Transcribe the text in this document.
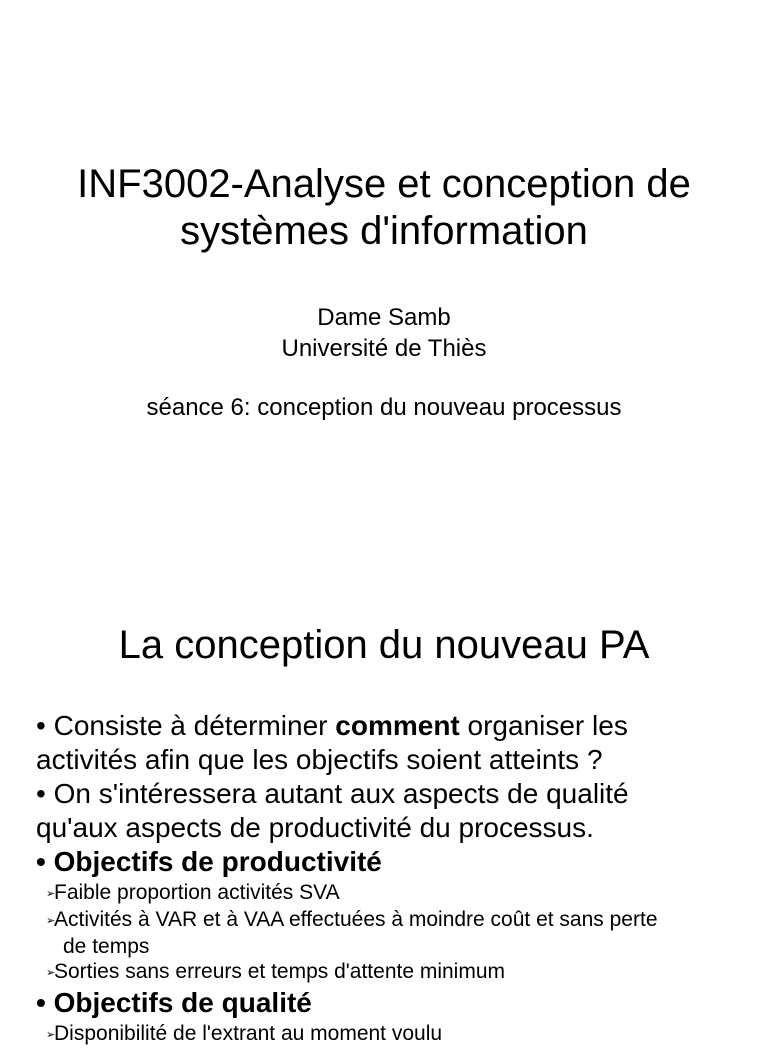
INF3002-Analyse et conception de
systèmes d'information
Dame Samb
Université de Thiès
séance 6: conception du nouveau processus
La conception du nouveau PA
• Consiste à déterminer comment organiser les
activités afin que les objectifs soient atteints ?
• On s'intéressera autant aux aspects de qualité
qu'aux aspects de productivité du processus.
• Objectifs de productivité
➢Faible proportion activités SVA
➢Activités à VAR et à VAA effectuées à moindre coût et sans perte
de temps
➢Sorties sans erreurs et temps d'attente minimum
• Objectifs de qualité
➢Disponibilité de l'extrant au moment voulu
